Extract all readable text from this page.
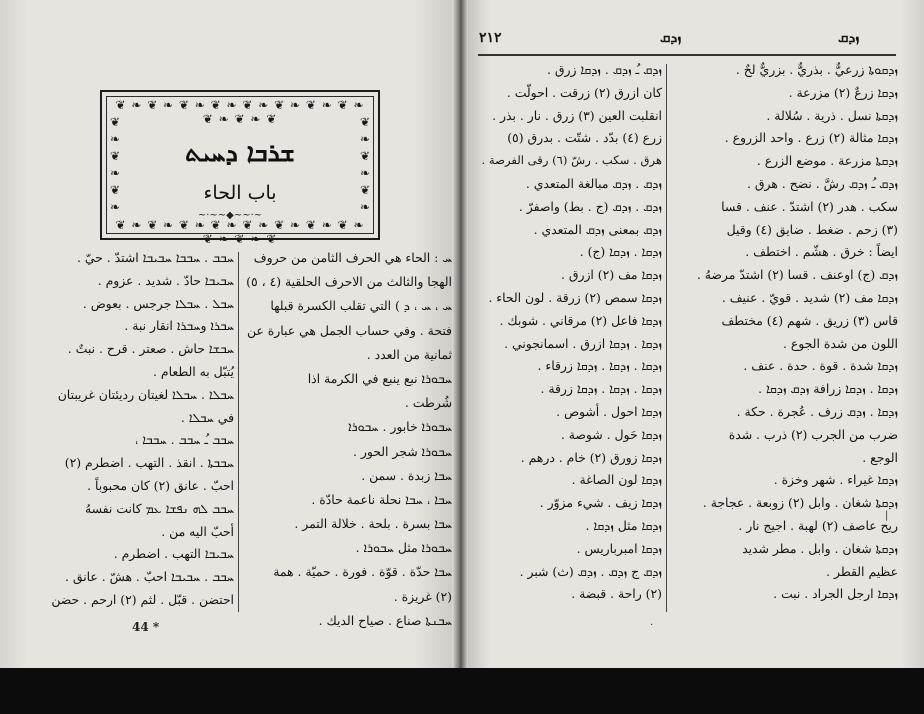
❦ ❧ ❦ ❧ ❦ ❧ ❦ ❧ ❦ ❧ ❦ ❧ ❦ ❧ ❦ ❧ ❦ ❧ ❦ ❧ ❦
❦ ❧ ❦ ❧ ❦ ❧ ❦ ❧ ❦ ❧ ❦ ❧ ❦ ❧ ❦ ❧ ❦ ❧ ❦ ❧ ❦
❦
❧
❦
❧
❦
❧
❦
❧
❦
❧
❦
❧
ܫܪܒܐ ܕܚܝܬ
باب الحاء
~·~~◆~~·~
ܚ : الحاء هي الحرف الثامن من حروف
الهجا والثالث من الاحرف الحلقية (٤ ، ٥)
ܚ ، ܚ ، ܕ ) التي تقلب الكسرة قبلها
فتحة . وفي حساب الجمل هي عبارة عن
ثمانية من العدد .
ܚܒܘܪܐ نبع ينبع في الكرمة اذا
شُرطت .
ܚܒܘܪܐ خابور . ܚܒܘܪܐ
ܚܒܘܪܐ شجر الحور .
ܚܒܐ زبدة . سمن .
ܚܒܐ ، ܚܒܐ نحلة ناعمة حادّة .
ܚܒܐ بسرة . بلحة . خلالة التمر .
ܚܒܘܪܐ مثل ܚܒܘܪܐ .
ܚܒܐ حدّة . قوّة . فورة . حميّة . همة
(٢) غريزة .
ܚܒܢܬܐ صناع . صياح الديك .
ܚܒܒ . ܚܒܒܐ ܚܒܝܒܐ اشتدّ . حيّ .
ܚܒܝܒܐ حادّ . شديد . عزوم .
ܚܒܠ . ܚܒܠܐ جرجس . بعوض .
ܚܒܪܐ وܚܒܪܐ انقار نبة .
ܚܒܫܐ حاش . صعتر . قرح . نبتٌ .
يُتبّل به الطعام .
ܚܒܠܐ . ܚܒܠܐ لغيتان رديئتان غريبتان
في ܚܒܠܐ .
ܚܒܒ ـُ ܚܒܒ . ܚܒܒܐ ،
ܚܒܒܬܐ . انقذ . التهب . اضطرم (٢)
احبّ . عانق (٢) كان محبوباً .
ܚܒܒ ܠܗ ܢܦܫܐ ܥܡ كانت نفسهُ
أحبّ اليه من .
ܚܒܝܒܐ التهب . اضطرم .
ܚܒܒ . ܚܒܝܒܐ احبّ . هشّ . عانق .
احتضن . قبّل . لثم (٢) ارحم . حضن
44 *
٢١٢	ܙܕܩ	ܙܕܩ
ܙܕܩܘܬܐ زرعيٌّ . بذريٌّ . بزريٌّ لحٌ .
ܙܕܩܐ زرعٌ (٢) مزرعة .
ܙܕܩܬܐ نسل . ذرية . سُلالة .
ܙܕܩܐ مثالة (٢) زرع . واحد الزروع .
ܙܕܩܬܐ مزرعة . موضع الزرع .
ܙܕܩ ـُ ܙܕܩ رشَّ . نضح . هرق .
سكب . هدر (٢) اشتدّ . عنف . قسا
(٣) زحم . ضغط . ضايق (٤) وقيل
ايضاً : خرق . هشّم . اختطف .
ܙܕܩ (ج) اوعنف . قسا (٢) اشتدّ مرضهُ .
ܙܕܩܐ مف (٢) شديد . قويّ . عنيف .
قاس (٣) زريق . شهم (٤) مختطف
اللون من شدة الجوع .
ܙܕܩܐ شدة . قوة . حدة . عنف .
ܙܕܩܐ . ܙܕܩܐ زرافة ܙܕܩ ܙܕܩܐ .
ܙܕܩܐ . ܙܕܩ زرف . عُجرة . حكة .
ضرب من الجرب (٢) ذرب . شدة
الوجع .
ܙܕܩܐ غيراء . شهر وخزة .
ܙܕܩܬܐ شغان . وابل (٢) زوبعة . عجاجة .
ريح عاصف (٢) لهبة . اجيج نار .
ܙܕܩܬܐ شغان . وابل . مطر شديد
عظيم القطر .
ܙܕܩܐ ارجل الجراد . نبت .
ܙܕܩ ـُ ܙܕܩ . ܙܕܩܐ زرق .
كان ازرق (٢) زرقت . احولّت .
انقلبت العين (٣) زرق . نار . بذر .
زرع (٤) بدّد . شتّت . بدرق (٥)
هرق . سكب . رشّ (٦) رقى الفرصة .
ܙܕܩ . ܙܕܩ مبالغة المتعدي .
ܙܕܩ . ܙܕܩ (ج . بط) واصفرّ .
ܙܕܩ بمعنى ܙܕܩ المتعدي .
ܙܕܩܐ . ܙܕܩܐ (ج) .
ܙܕܩܐ مف (٢) ازرق .
ܙܕܩܐ سمص (٢) زرقة . لون الحاء .
ܙܕܩܐ فاعل (٢) مرقاني . شوبك .
ܙܕܩܐ . ܙܕܩܐ ازرق . اسمانجوني .
ܙܕܩܐ . ܙܕܩܐ . ܙܕܩܐ زرقاء .
ܙܕܩܐ . ܙܕܩܐ . ܙܕܩܐ زرقة .
ܙܕܩܐ احول . أشوص .
ܙܕܩܐ حَول . شوصة .
ܙܕܩܐ زورق (٢) خام . درهم .
ܙܕܩܐ لون الصاغة .
ܙܕܩܐ زيف . شيء مزوّر .
ܙܕܩܐ مثل ܙܕܩܐ .
ܙܕܩܐ امبرباريس .
ܙܕܩ ج ܙܕܩ . ܙܕܩ (ث) شبر .
(٢) راحة . قبضة .
|
·
